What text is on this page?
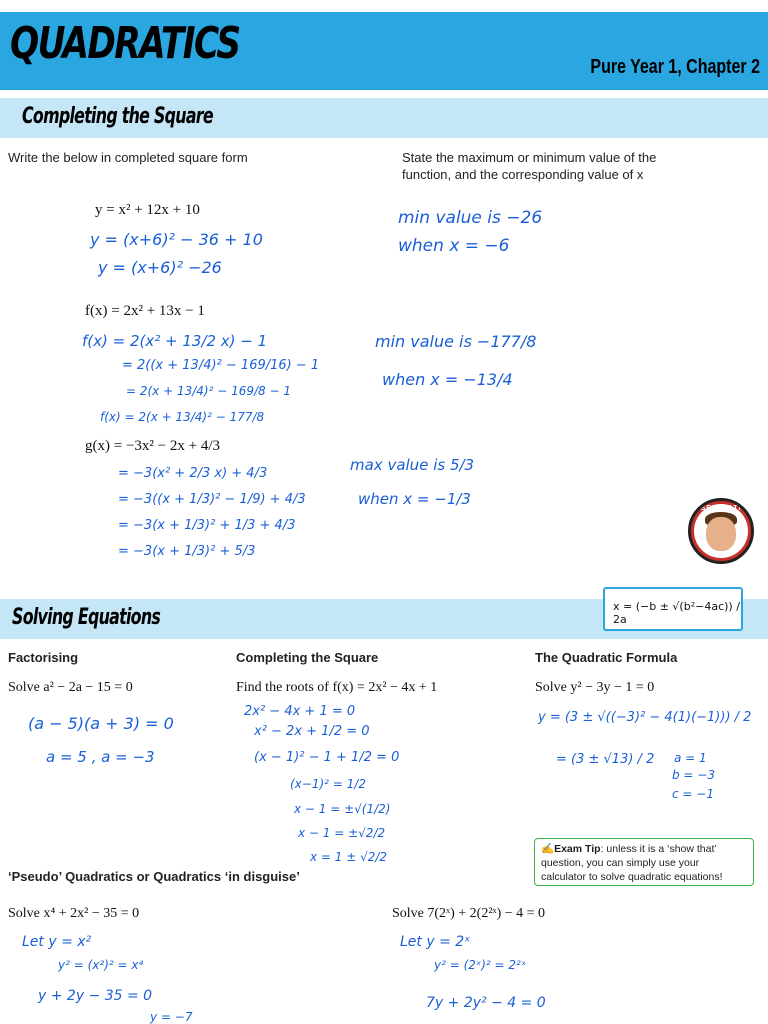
QUADRATICS	Pure Year 1, Chapter 2
Completing the Square
Write the below in completed square form	State the maximum or minimum value of the
function, and the corresponding value of x
y = x² + 12x + 10
y = (x+6)² − 36 + 10
y = (x+6)² −26
min value is −26
when x = −6
f(x) = 2x² + 13x − 1
f(x) = 2(x² + 13/2 x) − 1
= 2((x + 13/4)² − 169/16) − 1
= 2(x + 13/4)² − 169/8 − 1
f(x) = 2(x + 13/4)² − 177/8
min value is −177/8
when x = −13/4
g(x) = −3x² − 2x + 4/3
= −3(x² + 2/3 x) + 4/3
= −3((x + 1/3)² − 1/9) + 4/3
= −3(x + 1/3)² + 1/3 + 4/3
= −3(x + 1/3)² + 5/3
max value is 5/3
when x = −1/3
RISEN MATHS
Solving Equations	x = (−b ± √(b²−4ac)) / 2a
Factorising	Completing the Square	The Quadratic Formula
Solve a² − 2a − 15 = 0	Find the roots of f(x) = 2x² − 4x + 1	Solve y² − 3y − 1 = 0
(a − 5)(a + 3) = 0
a = 5 , a = −3
2x² − 4x + 1 = 0
x² − 2x + 1/2 = 0
(x − 1)² − 1 + 1/2 = 0
(x−1)² = 1/2
x − 1 = ±√(1/2)
x − 1 = ±√2/2
x = 1 ± √2/2
y = (3 ± √((−3)² − 4(1)(−1))) / 2
= (3 ± √13) / 2 a = 1
b = −3
c = −1
✍Exam Tip: unless it is a ‘show that’ question, you can simply use your calculator to solve quadratic equations!
‘Pseudo’ Quadratics or Quadratics ‘in disguise’
Solve x⁴ + 2x² − 35 = 0	Solve 7(2ˣ) + 2(2²ˣ) − 4 = 0
Let y = x²
y² = (x²)² = x⁴
y + 2y − 35 = 0
y = −7
Let y = 2ˣ
y² = (2ˣ)² = 2²ˣ
7y + 2y² − 4 = 0
